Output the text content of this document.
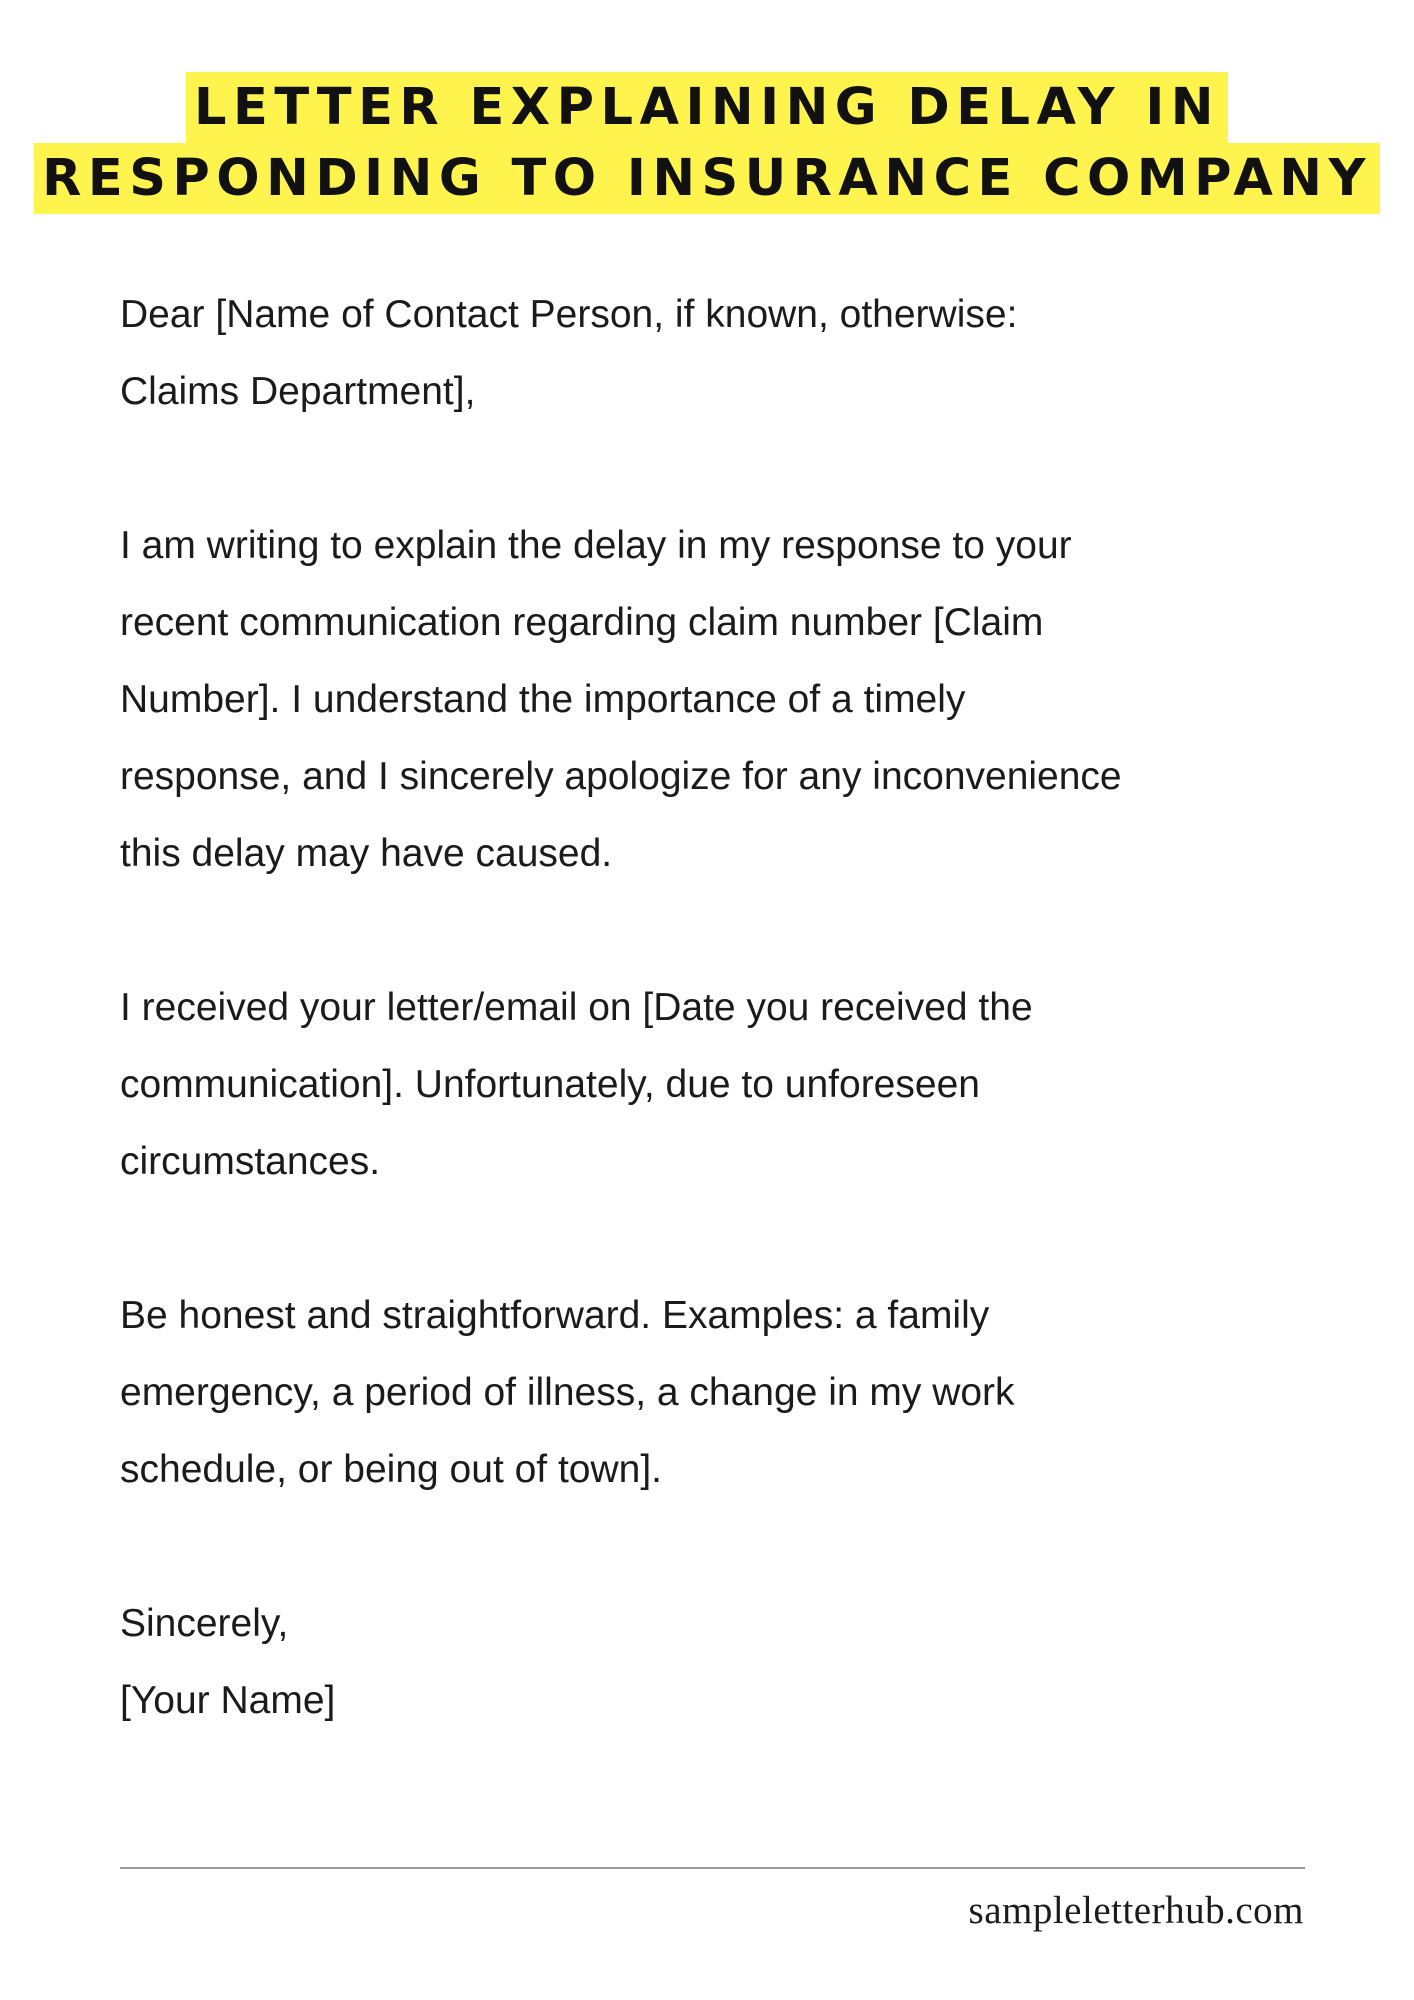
LETTER EXPLAINING DELAY IN
RESPONDING TO INSURANCE COMPANY

Dear [Name of Contact Person, if known, otherwise:
Claims Department],

I am writing to explain the delay in my response to your
recent communication regarding claim number [Claim
Number]. I understand the importance of a timely
response, and I sincerely apologize for any inconvenience
this delay may have caused.

I received your letter/email on [Date you received the
communication]. Unfortunately, due to unforeseen
circumstances.

Be honest and straightforward. Examples: a family
emergency, a period of illness, a change in my work
schedule, or being out of town].

Sincerely,

[Your Name]

sampleletterhub.com
